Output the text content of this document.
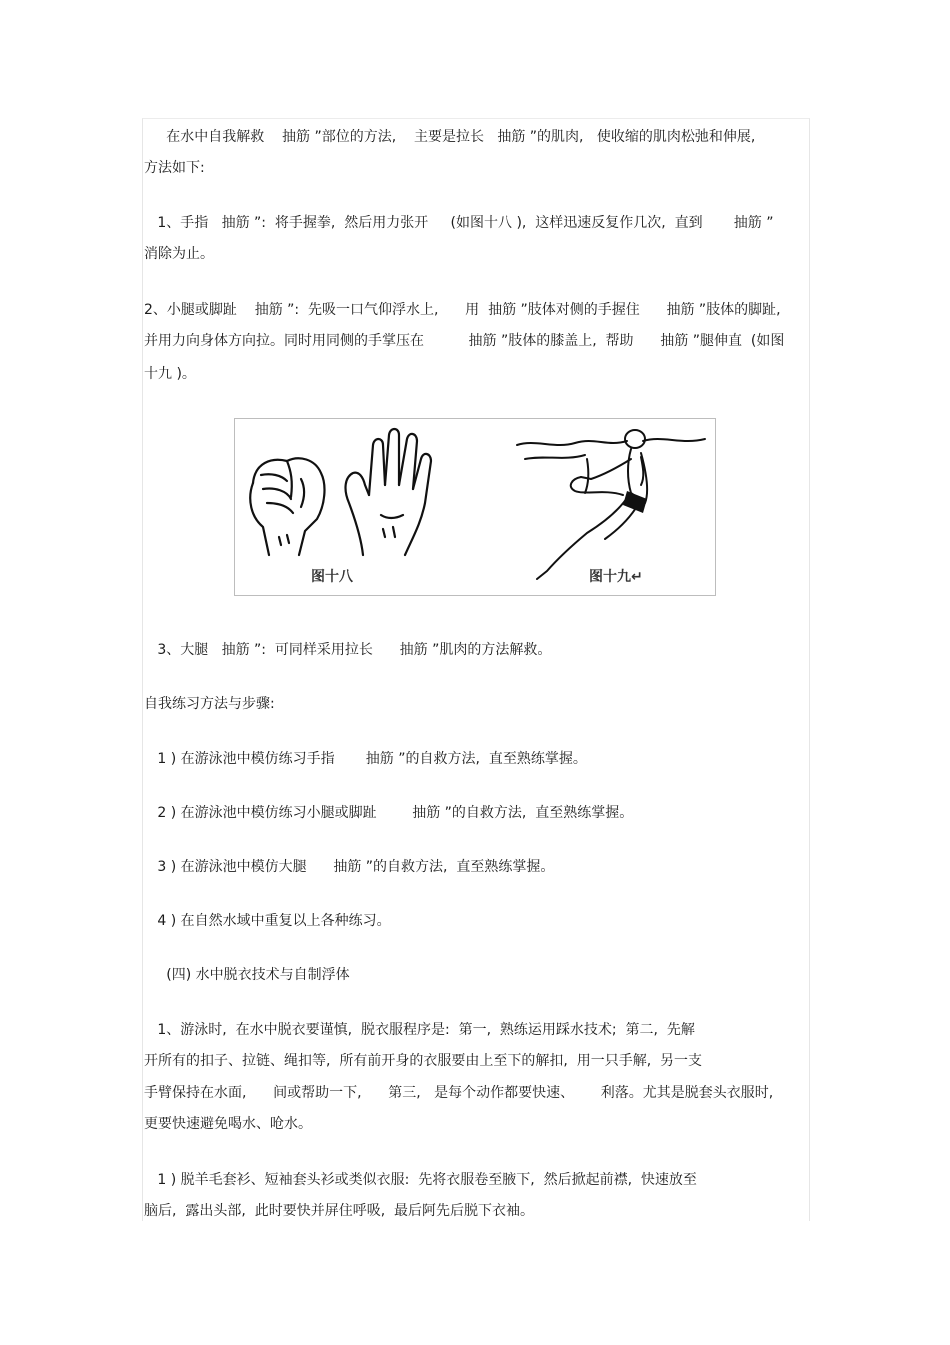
在水中自我解救    抽筋 ”部位的方法,    主要是拉长   抽筋 ”的肌肉,   使收缩的肌肉松弛和伸展,
方法如下:
1、手指   抽筋 ”:  将手握拳,  然后用力张开     (如图十八 ),  这样迅速反复作几次,  直到       抽筋 ”
消除为止。
2、小腿或脚趾    抽筋 ”:  先吸一口气仰浮水上,      用  抽筋 ”肢体对侧的手握住      抽筋 ”肢体的脚趾,
并用力向身体方向拉。同时用同侧的手掌压在          抽筋 ”肢体的膝盖上,  帮助      抽筋 ”腿伸直  (如图
十九 )。
图十八	图十九↵
3、大腿   抽筋 ”:  可同样采用拉长      抽筋 ”肌肉的方法解救。
自我练习方法与步骤:
1 ) 在游泳池中模仿练习手指       抽筋 ”的自救方法,  直至熟练掌握。
2 ) 在游泳池中模仿练习小腿或脚趾        抽筋 ”的自救方法,  直至熟练掌握。
3 ) 在游泳池中模仿大腿      抽筋 ”的自救方法,  直至熟练掌握。
4 ) 在自然水域中重复以上各种练习。
(四) 水中脱衣技术与自制浮体
1、游泳时,  在水中脱衣要谨慎,  脱衣服程序是:  第一,  熟练运用踩水技术;  第二,  先解
开所有的扣子、拉链、绳扣等,  所有前开身的衣服要由上至下的解扣,  用一只手解,  另一支
手臂保持在水面,      间或帮助一下,      第三,   是每个动作都要快速、      利落。尤其是脱套头衣服时,
更要快速避免喝水、呛水。
1 ) 脱羊毛套衫、短袖套头衫或类似衣服:  先将衣服卷至腋下,  然后掀起前襟,  快速放至
脑后,  露出头部,  此时要快并屏住呼吸,  最后阿先后脱下衣袖。
